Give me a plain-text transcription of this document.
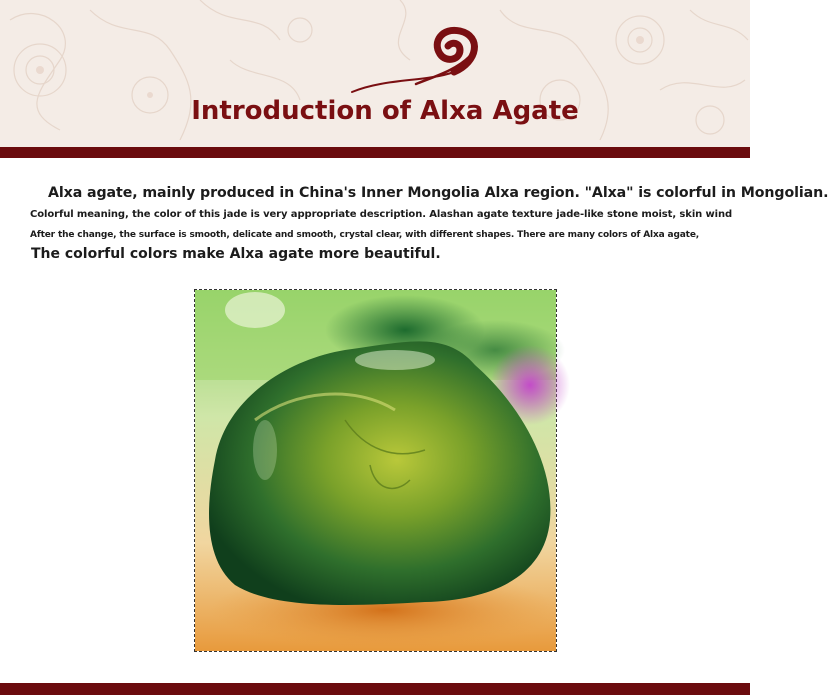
Introduction of Alxa Agate
Alxa agate, mainly produced in China's Inner Mongolia Alxa region. "Alxa" is colorful in Mongolian.
Colorful meaning, the color of this jade is very appropriate description. Alashan agate texture jade-like stone moist, skin wind
After the change, the surface is smooth, delicate and smooth, crystal clear, with different shapes. There are many colors of Alxa agate,
The colorful colors make Alxa agate more beautiful.
